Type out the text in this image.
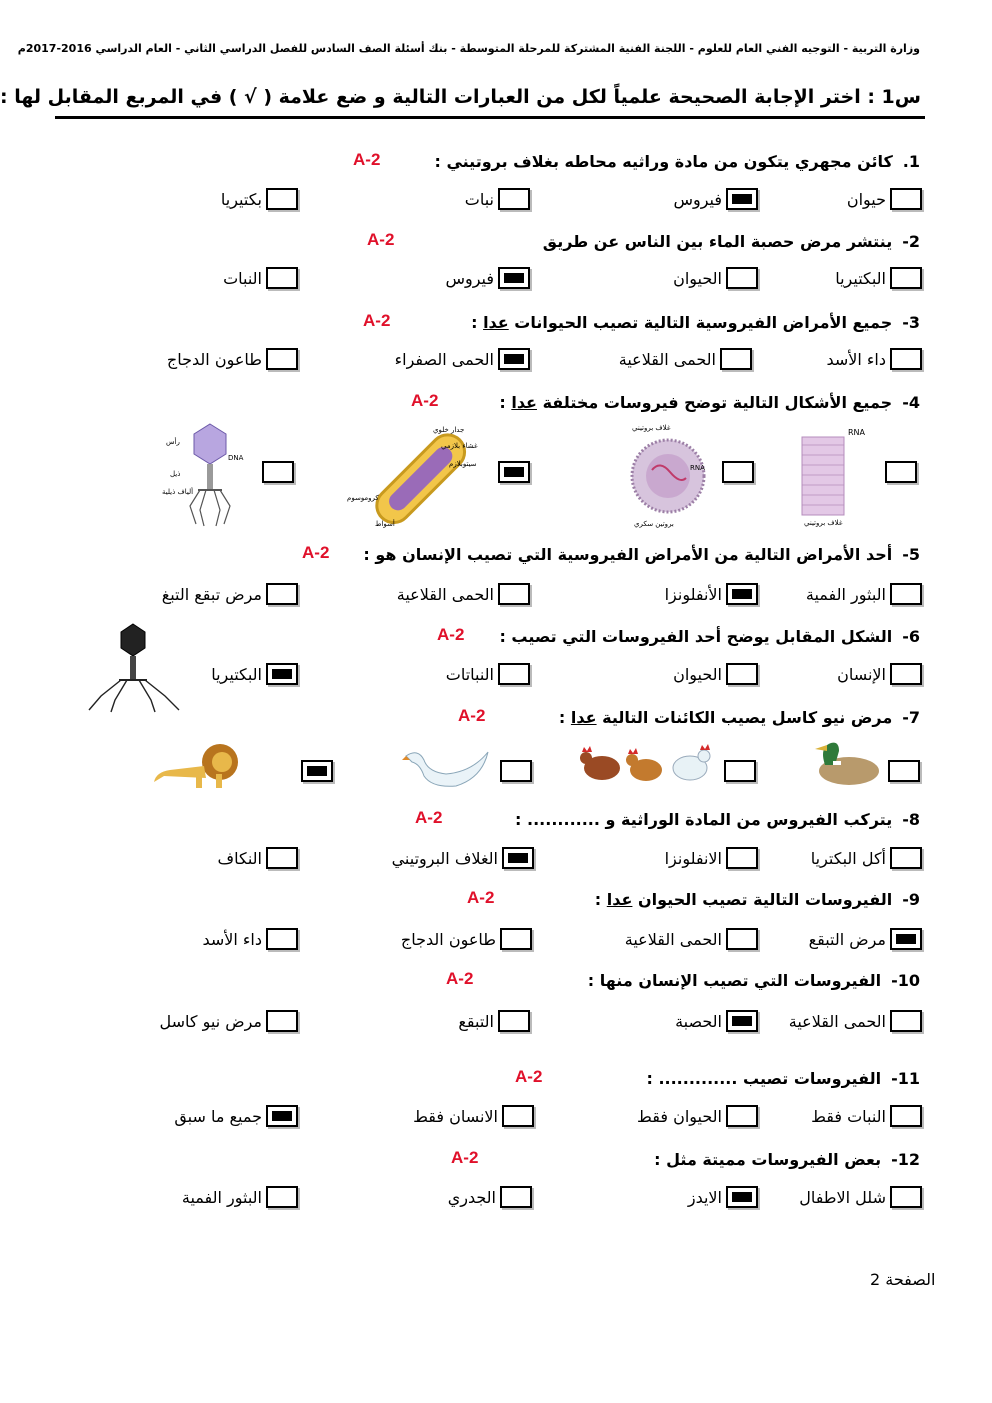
وزارة التربية - التوجيه الفني العام للعلوم - اللجنة الفنية المشتركة للمرحلة المتوسطة - بنك أسئلة الصف السادس للفصل الدراسي الثاني - العام الدراسي 2016-2017م
س1 : اختر الإجابة الصحيحة علمياً لكل من العبارات التالية و ضع علامة ( √ ) في المربع المقابل لها :
1.كائن مجهري يتكون من مادة وراثيه محاطه بغلاف بروتيني :
A-2
حيوان
فيروس
نبات
بكتيريا
2-ينتشر مرض حصبة الماء بين الناس عن طريق
A-2
البكتيريا
الحيوان
فيروس
النبات
3-جميع الأمراض الفيروسية التالية تصيب الحيوانات عدا :
A-2
داء الأسد
الحمى القلاعية
الحمى الصفراء
طاعون الدجاج
4-جميع الأشكال التالية توضح فيروسات مختلفة عدا :
A-2
RNA
غلاف بروتيني
غلاف بروتيني
RNA
بروتين سكري

جدار خلوي
غشاء بلازمي
سيتوبلازم
كروموسوم
أسواط
رأس
DNA
ذيل
ألياف ذيلية
5-أحد الأمراض التالية من الأمراض الفيروسية التي تصيب الإنسان هو :
A-2
البثور الفمية
الأنفلونزا
الحمى القلاعية
مرض تبقع التبغ
6-الشكل المقابل يوضح أحد الفيروسات التي تصيب :
A-2
الإنسان
الحيوان
النباتات
البكتيريا
7-مرض نيو كاسل يصيب الكائنات التالية عدا :
A-2
8-يتركب الفيروس من المادة الوراثية و ............ :
A-2
أكل البكتريا
الانفلونزا
الغلاف البروتيني
النكاف
9-الفيروسات التالية تصيب الحيوان عدا :
A-2
مرض التبقع
الحمى القلاعية
طاعون الدجاج
داء الأسد
10-الفيروسات التي تصيب الإنسان منها :
A-2
الحمى القلاعية
الحصبة
التبقع
مرض نيو كاسل
11-الفيروسات تصيب ............. :
A-2
النبات فقط
الحيوان فقط
الانسان فقط
جميع ما سبق
12-بعض الفيروسات مميتة مثل :
A-2
شلل الاطفال
الايدز
الجدري
البثور الفمية
الصفحة 2
